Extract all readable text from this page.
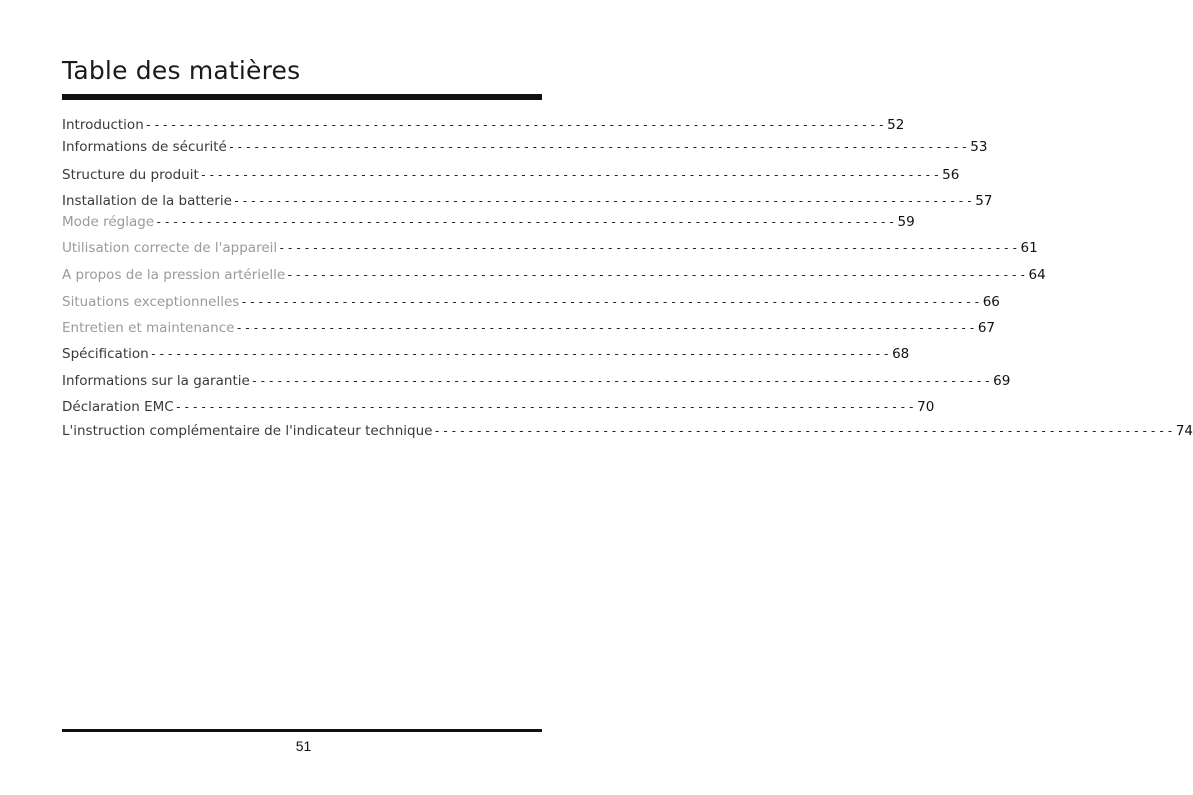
Table des matières
Introduction ---------------------------------------------------------------------------------------- 52
Informations de sécurité ---------------------------------------------------------------------------------------- 53
Structure du produit ---------------------------------------------------------------------------------------- 56
Installation de la batterie ---------------------------------------------------------------------------------------- 57
Mode réglage ---------------------------------------------------------------------------------------- 59
Utilisation correcte de l'appareil ---------------------------------------------------------------------------------------- 61
A propos de la pression artérielle ---------------------------------------------------------------------------------------- 64
Situations exceptionnelles ---------------------------------------------------------------------------------------- 66
Entretien et maintenance ---------------------------------------------------------------------------------------- 67
Spécification ---------------------------------------------------------------------------------------- 68
Informations sur la garantie ---------------------------------------------------------------------------------------- 69
Déclaration EMC ---------------------------------------------------------------------------------------- 70
L'instruction complémentaire de l'indicateur technique ---------------------------------------------------------------------------------------- 74
51
